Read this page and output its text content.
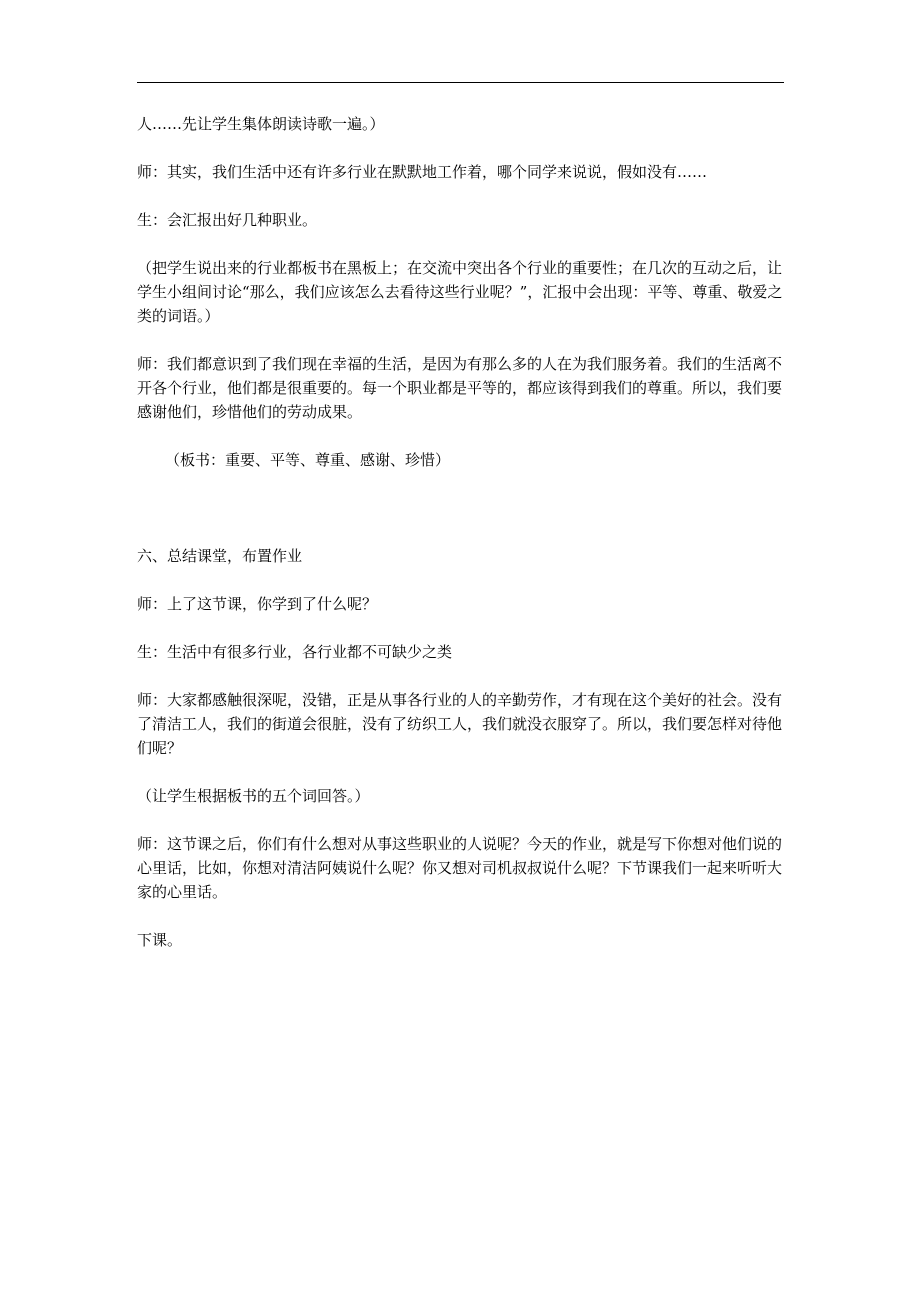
人……先让学生集体朗读诗歌一遍。）

师：其实，我们生活中还有许多行业在默默地工作着，哪个同学来说说，假如没有……

生：会汇报出好几种职业。

（把学生说出来的行业都板书在黑板上；在交流中突出各个行业的重要性；在几次的互动之后，让学生小组间讨论“那么，我们应该怎么去看待这些行业呢？”，汇报中会出现：平等、尊重、敬爱之类的词语。）

师：我们都意识到了我们现在幸福的生活，是因为有那么多的人在为我们服务着。我们的生活离不开各个行业，他们都是很重要的。每一个职业都是平等的，都应该得到我们的尊重。所以，我们要感谢他们，珍惜他们的劳动成果。

（板书：重要、平等、尊重、感谢、珍惜）

六、总结课堂，布置作业

师：上了这节课，你学到了什么呢？

生：生活中有很多行业，各行业都不可缺少之类

师：大家都感触很深呢，没错，正是从事各行业的人的辛勤劳作，才有现在这个美好的社会。没有了清洁工人，我们的街道会很脏，没有了纺织工人，我们就没衣服穿了。所以，我们要怎样对待他们呢？

（让学生根据板书的五个词回答。）

师：这节课之后，你们有什么想对从事这些职业的人说呢？今天的作业，就是写下你想对他们说的心里话，比如，你想对清洁阿姨说什么呢？你又想对司机叔叔说什么呢？下节课我们一起来听听大家的心里话。

下课。
